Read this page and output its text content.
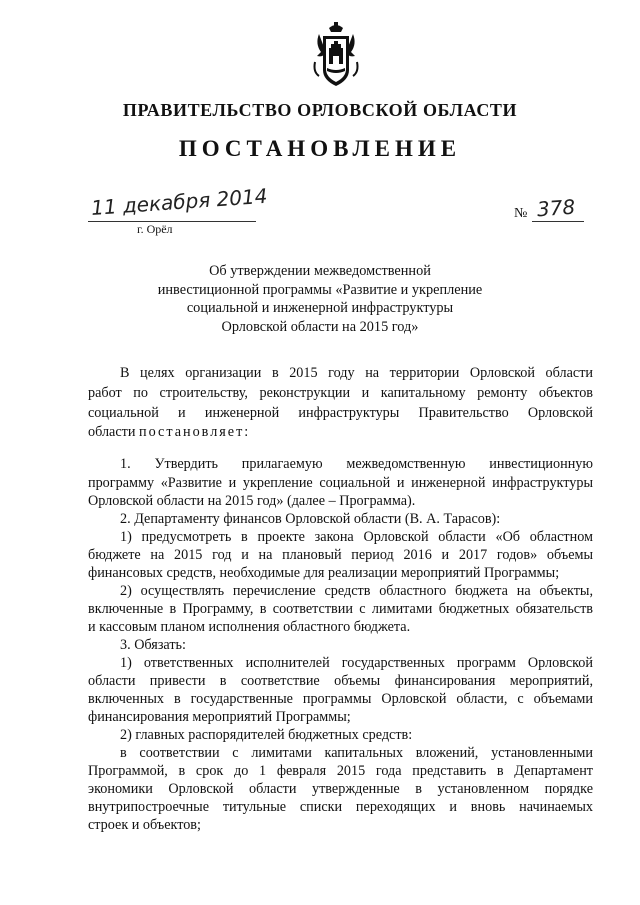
ПРАВИТЕЛЬСТВО ОРЛОВСКОЙ ОБЛАСТИ
ПОСТАНОВЛЕНИЕ
11 декабря 2014
г. Орёл
№ 378
Об утверждении межведомственной
инвестиционной программы «Развитие и укрепление
социальной и инженерной инфраструктуры
Орловской области на 2015 год»
В целях организации в 2015 году на территории Орловской области
работ по строительству, реконструкции и капитальному ремонту объектов
социальной и инженерной инфраструктуры Правительство Орловской
области постановляет:
1. Утвердить прилагаемую межведомственную инвестиционную
программу «Развитие и укрепление социальной и инженерной инфраструктуры
Орловской области на 2015 год» (далее – Программа).
2. Департаменту финансов Орловской области (В. А. Тарасов):
1) предусмотреть в проекте закона Орловской области «Об областном
бюджете на 2015 год и на плановый период 2016 и 2017 годов» объемы
финансовых средств, необходимые для реализации мероприятий Программы;
2) осуществлять перечисление средств областного бюджета на объекты,
включенные в Программу, в соответствии с лимитами бюджетных обязательств
и кассовым планом исполнения областного бюджета.
3. Обязать:
1) ответственных исполнителей государственных программ Орловской
области привести в соответствие объемы финансирования мероприятий,
включенных в государственные программы Орловской области, с объемами
финансирования мероприятий Программы;
2) главных распорядителей бюджетных средств:
в соответствии с лимитами капитальных вложений, установленными
Программой, в срок до 1 февраля 2015 года представить в Департамент
экономики Орловской области утвержденные в установленном порядке
внутрипостроечные титульные списки переходящих и вновь начинаемых
строек и объектов;
